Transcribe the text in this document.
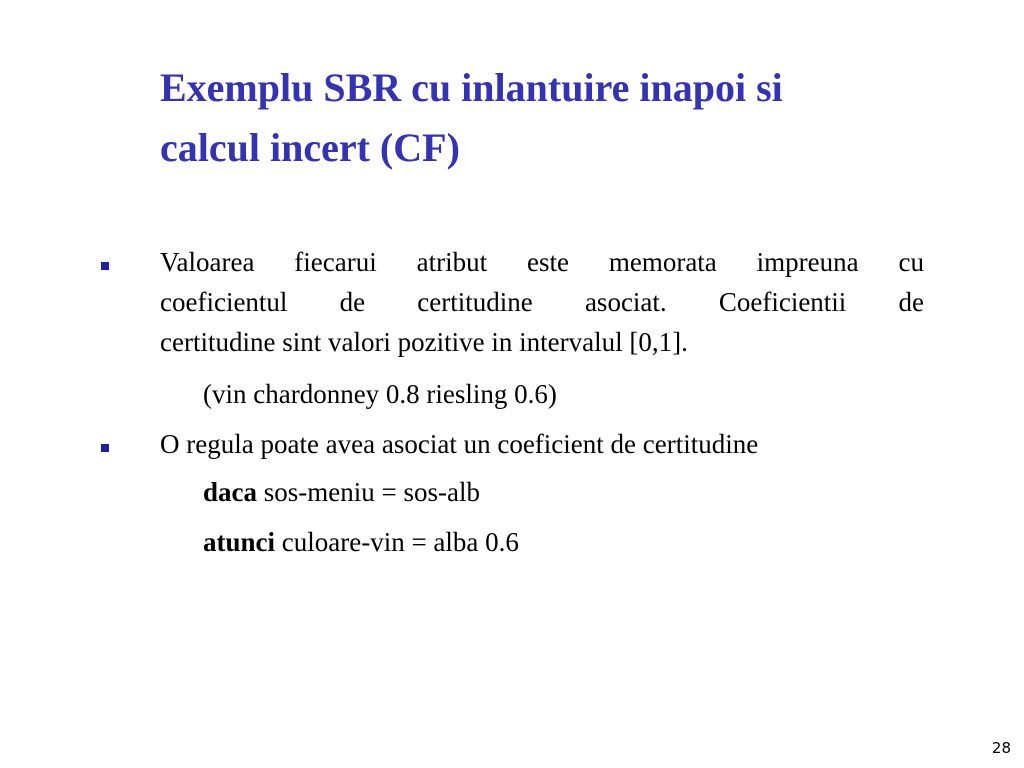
Exemplu SBR cu inlantuire inapoi si
calcul incert (CF)

Valoarea fiecarui atribut este memorata impreuna cu
coeficientul de certitudine asociat. Coeficientii de
certitudine sint valori pozitive in intervalul [0,1].

(vin chardonney 0.8 riesling 0.6)

O regula poate avea asociat un coeficient de certitudine

daca sos-meniu = sos-alb

atunci culoare-vin = alba 0.6

28
